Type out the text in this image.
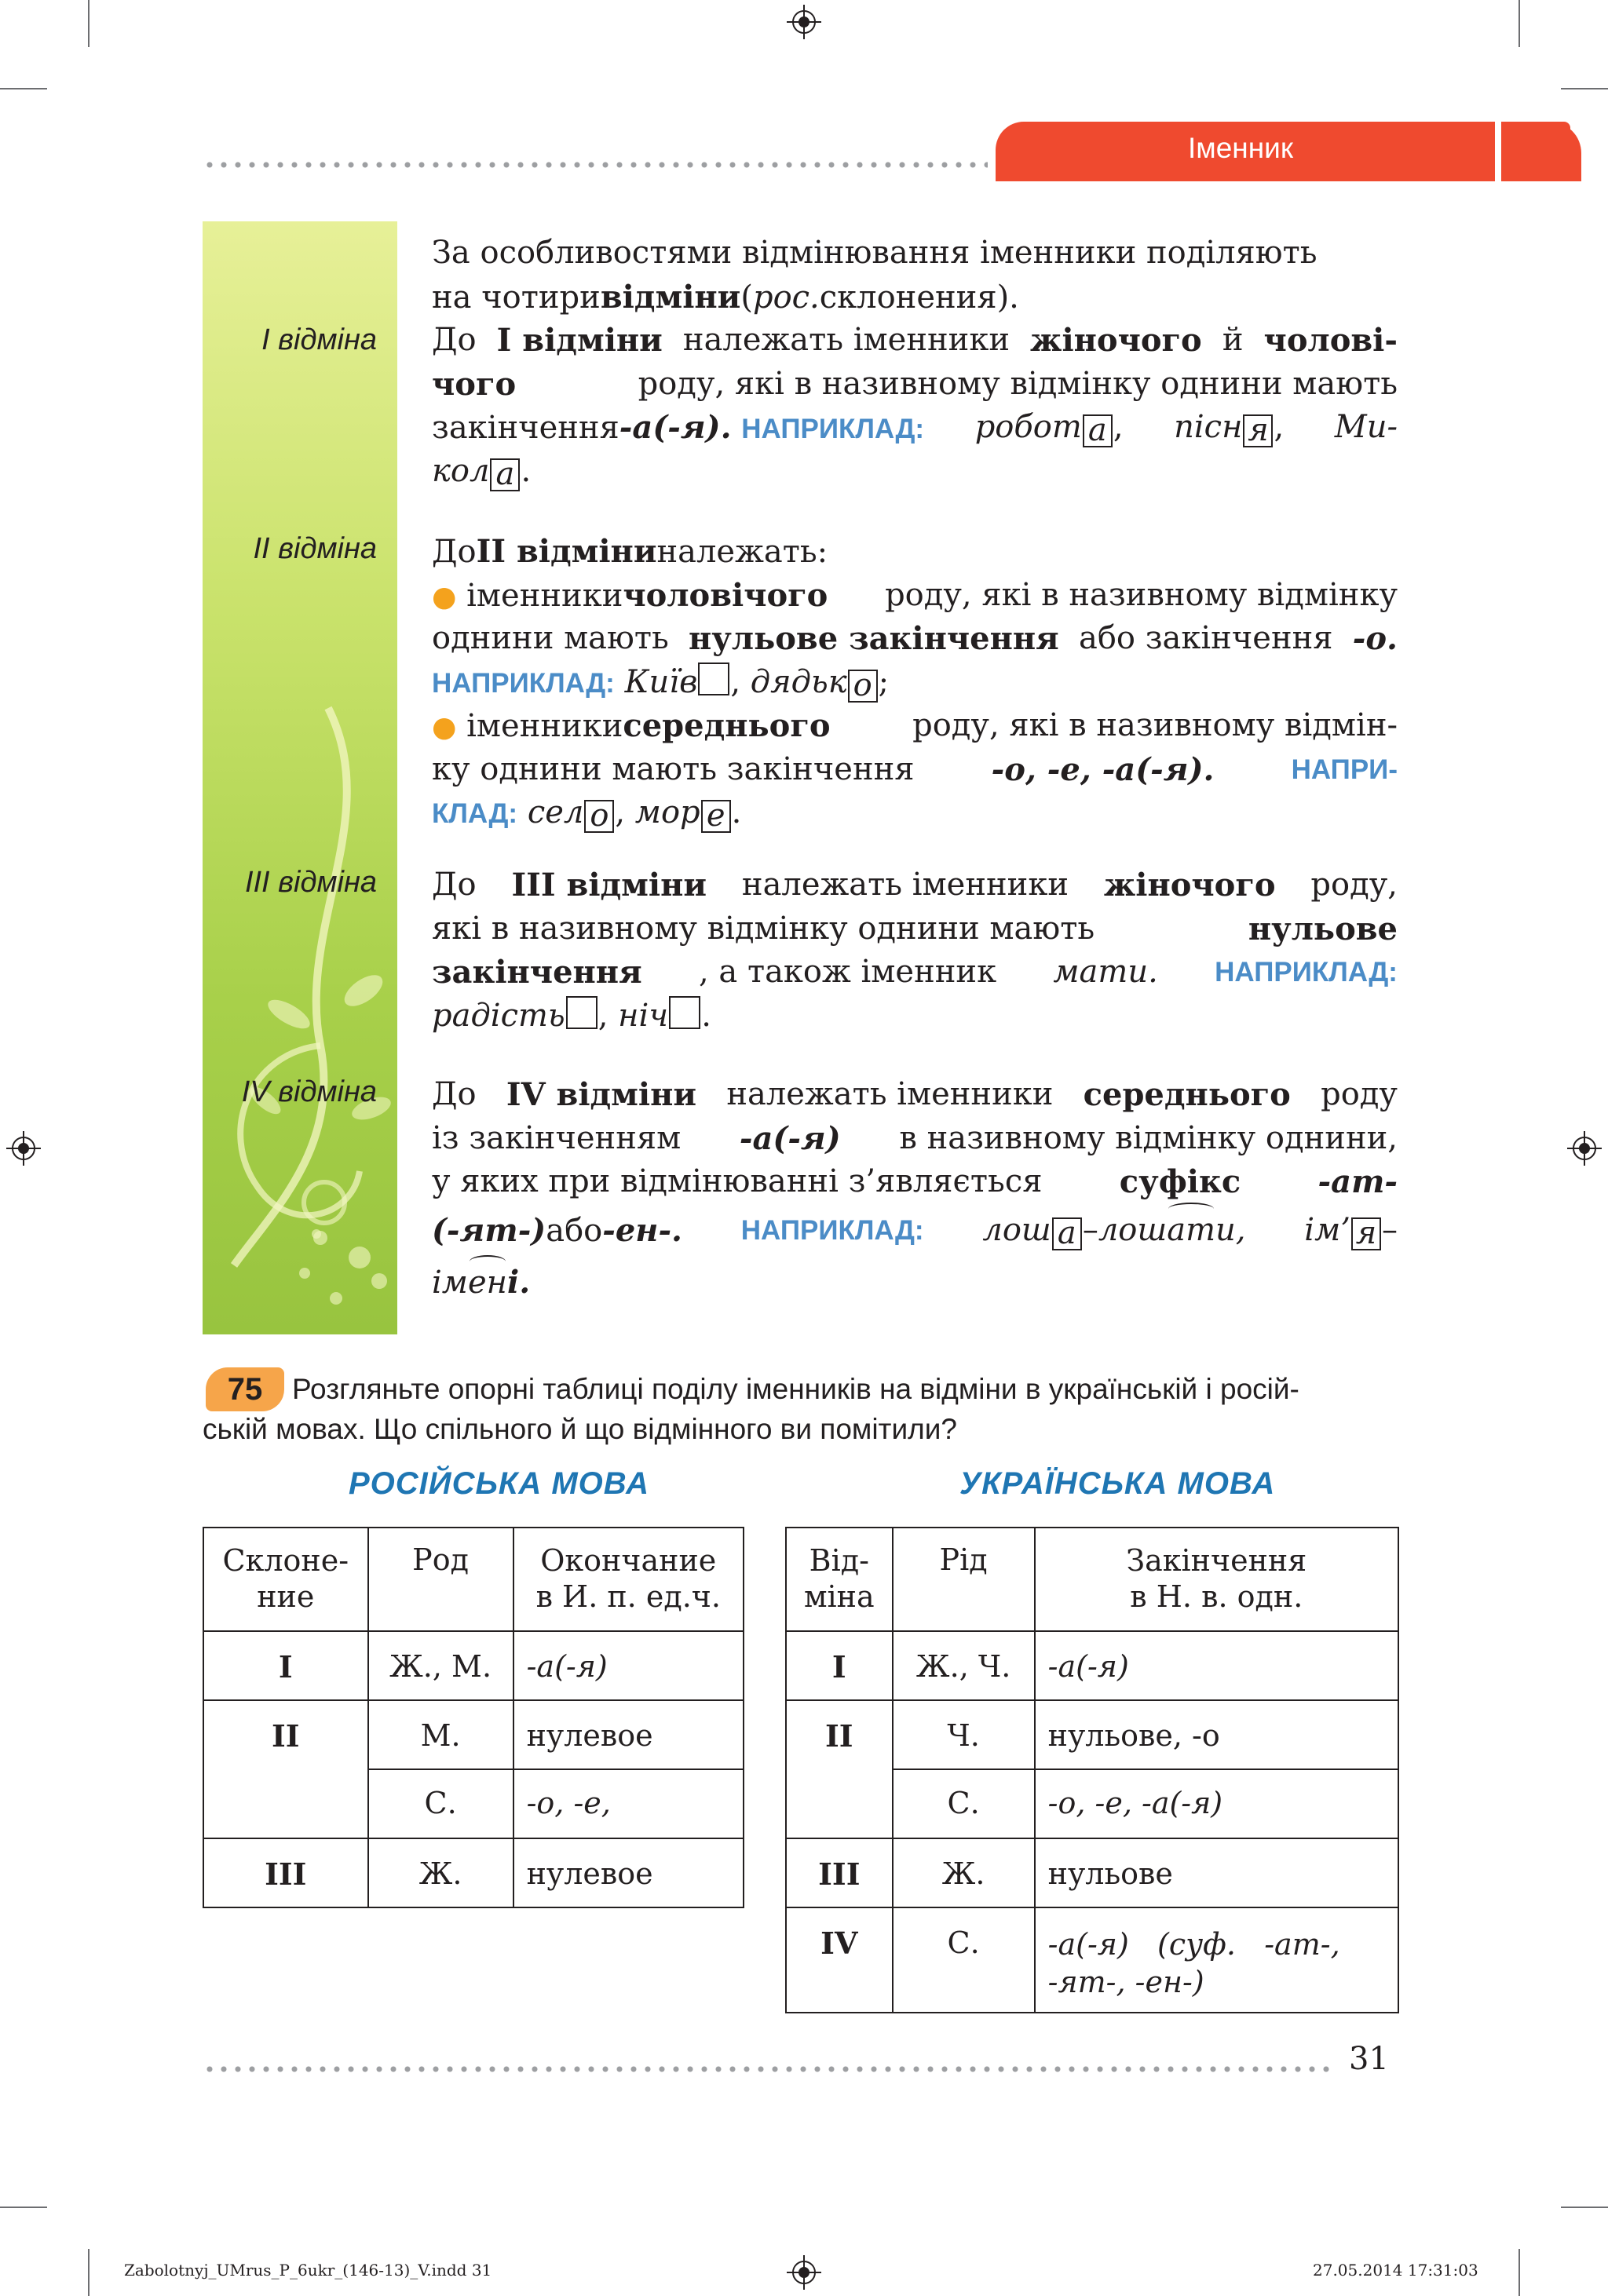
Іменник
І відміна
ІІ відміна
ІІІ відміна
ІV відміна
За особливостями відмінювання іменники поділяють
на чотиривідміни(рос.склонения).
До І відміни належать іменники жіночого й чолові-
чого	роду, які в називному відмінку однини мають
закінчення-а(-я). НАПРИКЛАД: робот а , пісн я , Ми-
кол а .
ДоІІ відміниналежать:
● іменникичоловічого роду, які в називному відмінку
однини мають нульове закінчення або закінчення -о.
НАПРИКЛАД: Київ , дядьк о ;
● іменникисереднього	роду, які в називному відмін-
ку однини мають закінчення -о, -е, -а(-я).	НАПРИ-
КЛАД: сел о , мор е .
До ІІІ відміни належать іменники жіночого роду,
які в називному відмінку однини мають	нульове
закінчення , а також іменник мати. НАПРИКЛАД:
радість , ніч .
До ІV відміни належать іменники середнього роду
із закінченням -а(-я) в називному відмінку однини,
у яких при відмінюванні з’являється суфікс -ат-
(-ят-)або-ен-. НАПРИКЛАД: лош а–лошати, ім’ я–
імені.
75	Розгляньте опорні таблиці поділу іменників на відміни в українській і росій-
ській мовах. Що спільного й що відмінного ви помітили?
РОСІЙСЬКА МОВА	УКРАЇНСЬКА МОВА
Склоне-
ние	Род	Окончание
в И. п. ед.ч.
І	Ж., М.	-а(-я)
ІІ	М.	нулевое
	С.	-о, -е,
ІІІ	Ж.	нулевое
Від-
міна	Рід	Закінчення
в Н. в. одн.
І	Ж., Ч.	-а(-я)
ІІ	Ч.	нульове, -о
	С.	-о, -е, -а(-я)
ІІІ	Ж.	нульове
ІV	С.	-а(-я)   (суф.   -ат-,
-ят-, -ен-)
31
Zabolotnyj_UMrus_P_6ukr_(146-13)_V.indd 31	27.05.2014 17:31:03
